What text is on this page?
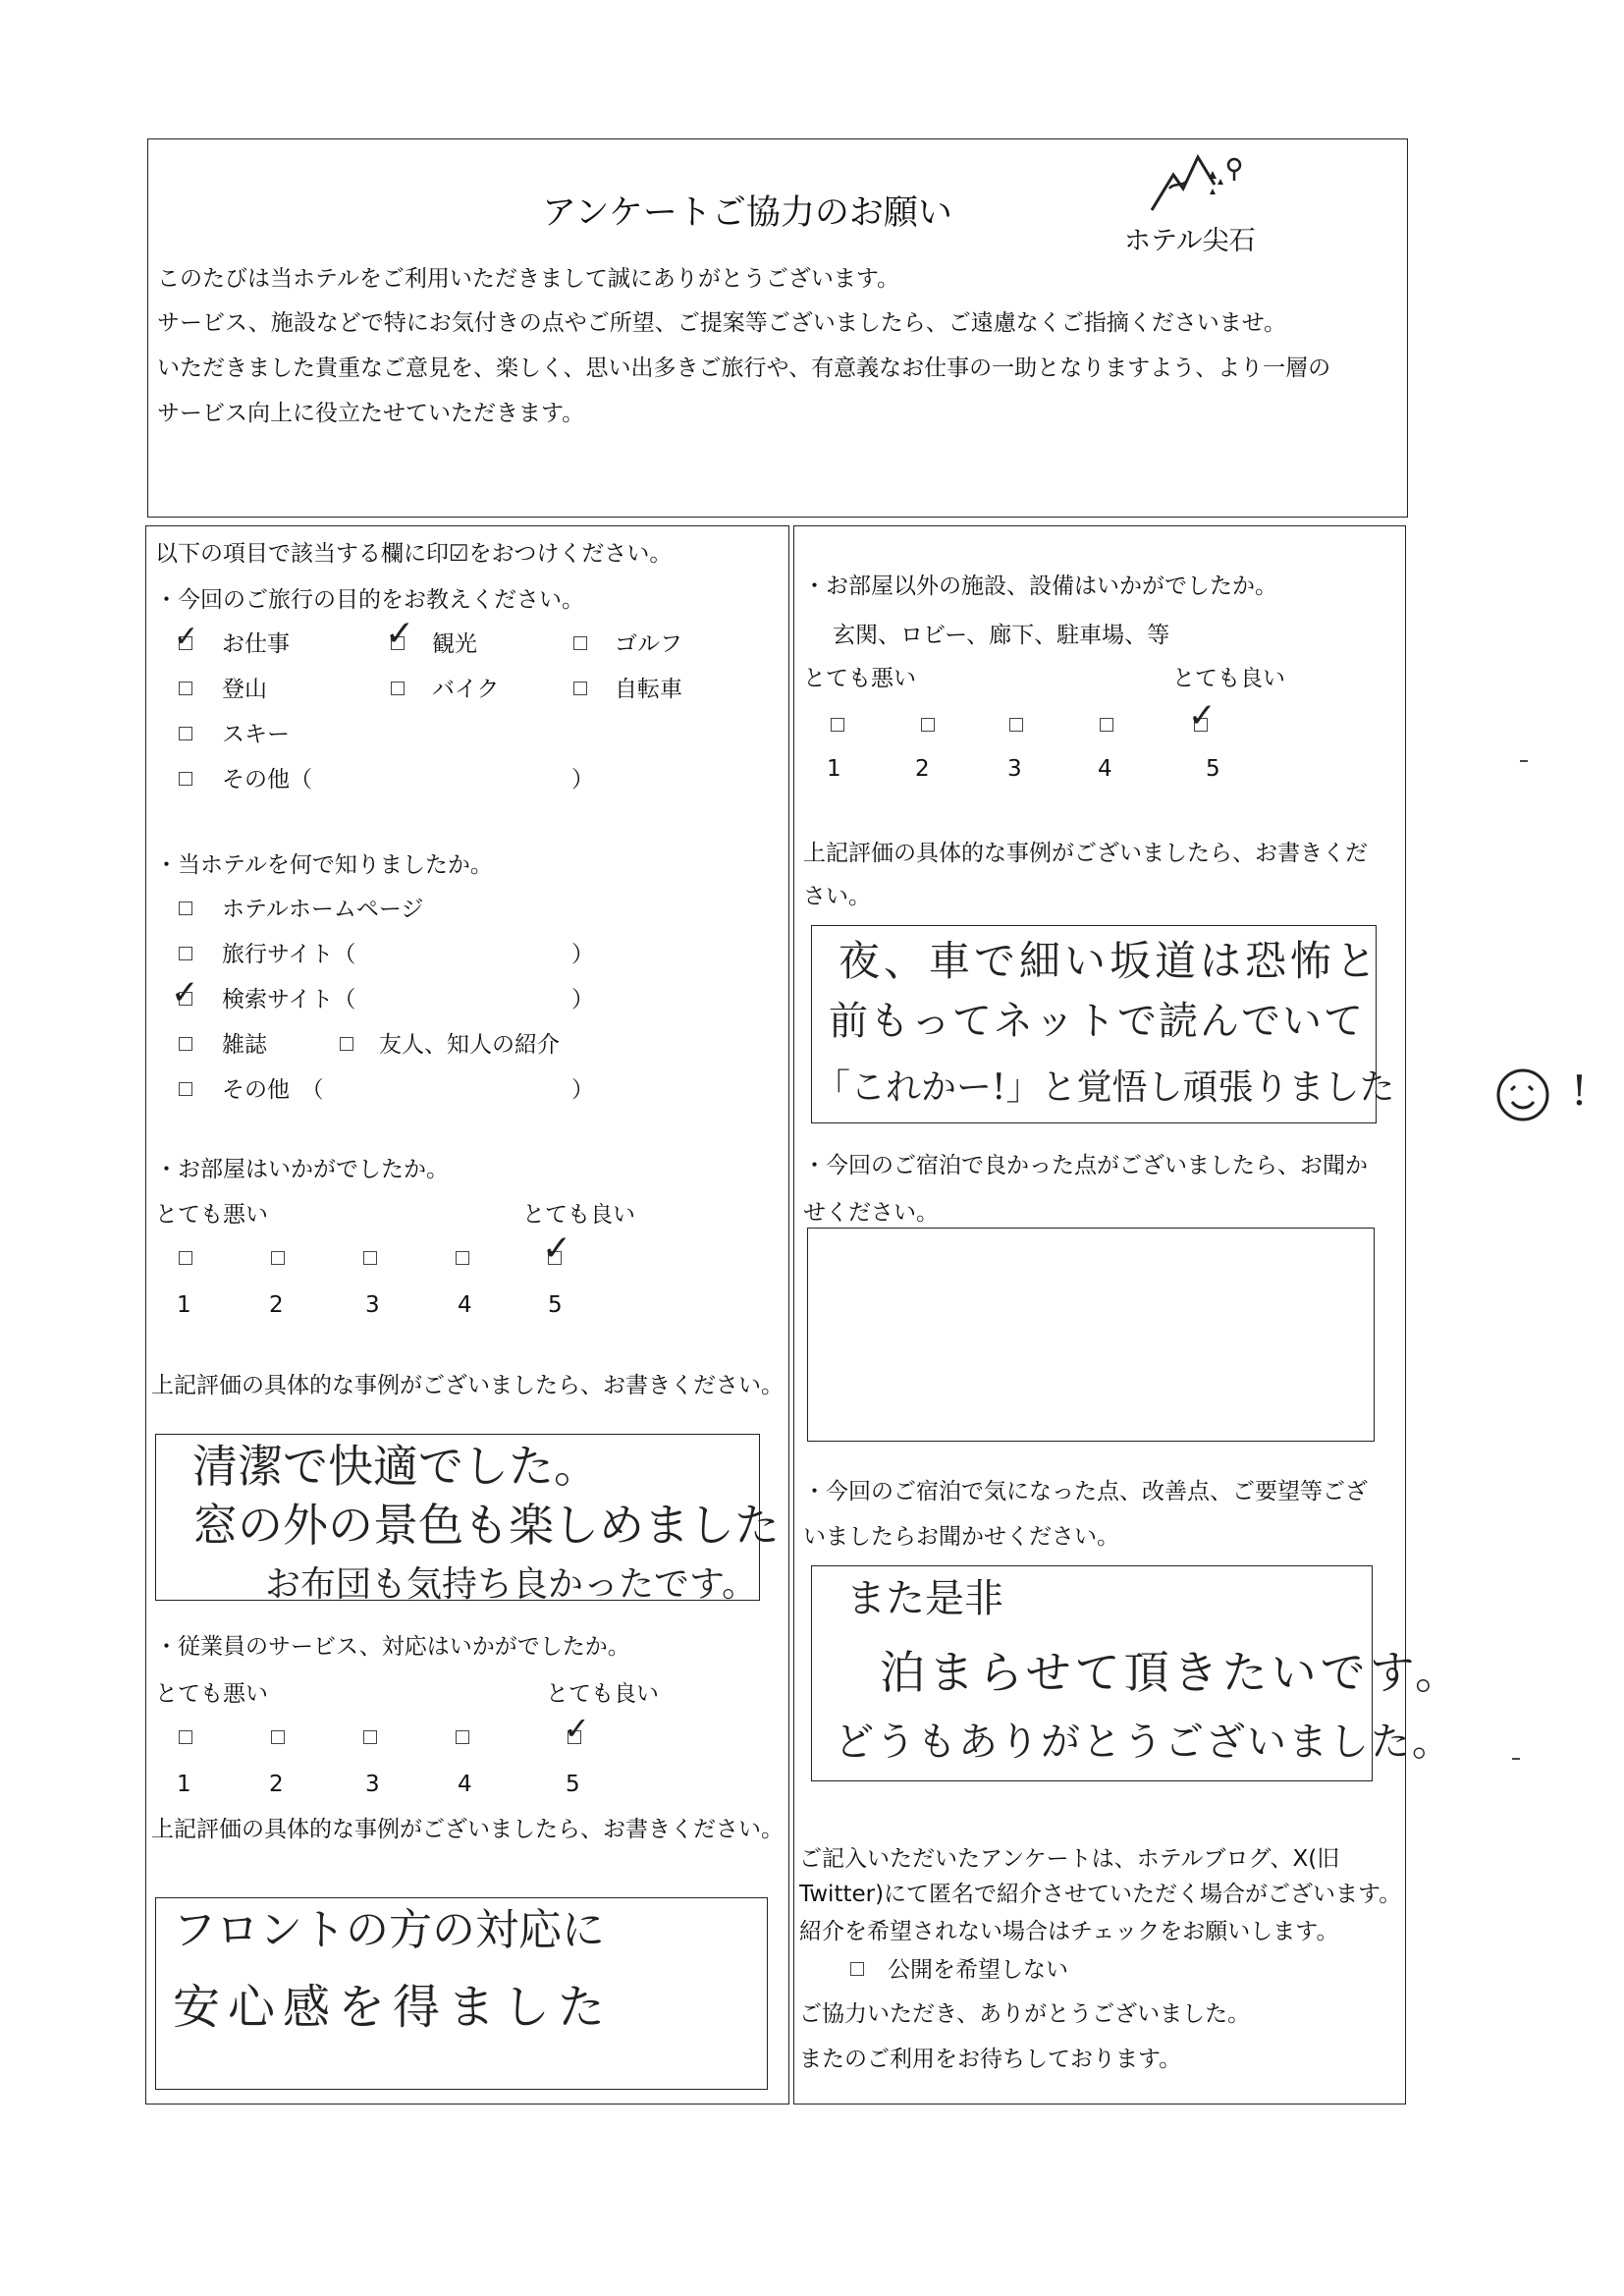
アンケートご協力のお願い
ホテル尖石
このたびは当ホテルをご利用いただきまして誠にありがとうございます。
サービス、施設などで特にお気付きの点やご所望、ご提案等ございましたら、ご遠慮なくご指摘くださいませ。
いただきました貴重なご意見を、楽しく、思い出多きご旅行や、有意義なお仕事の一助となりますよう、より一層の
サービス向上に役立たせていただきます。
以下の項目で該当する欄に印☑をおつけください。
・今回のご旅行の目的をお教えください。
✓ お仕事	✓ 観光	ゴルフ
登山	バイク	自転車
スキー
その他（	）
・当ホテルを何で知りましたか。
ホテルホームページ
旅行サイト（	）
✓ 検索サイト（	）
雑誌	友人、知人の紹介
その他　（	）
・お部屋はいかがでしたか。
とても悪い	とても良い
✓
1	2	3	4	5
上記評価の具体的な事例がございましたら、お書きください。
清潔で快適でした。
窓の外の景色も楽しめました
お布団も気持ち良かったです。
・従業員のサービス、対応はいかがでしたか。
とても悪い	とても良い
✓
1	2	3	4	5
上記評価の具体的な事例がございましたら、お書きください。
フロントの方の対応に
安心感を得ました
・お部屋以外の施設、設備はいかがでしたか。
玄関、ロビー、廊下、駐車場、等
とても悪い	とても良い
✓
1	2	3	4	5
上記評価の具体的な事例がございましたら、お書きくだ
さい。
夜、車で細い坂道は恐怖と
前もってネットで読んでいて
「これかー!」と覚悟し頑張りました	!
・今回のご宿泊で良かった点がございましたら、お聞か
せください。
・今回のご宿泊で気になった点、改善点、ご要望等ござ
いましたらお聞かせください。
また是非
泊まらせて頂きたいです。
どうもありがとうございました。
ご記入いただいたアンケートは、ホテルブログ、X(旧
Twitter)にて匿名で紹介させていただく場合がございます。
紹介を希望されない場合はチェックをお願いします。
公開を希望しない
ご協力いただき、ありがとうございました。
またのご利用をお待ちしております。
